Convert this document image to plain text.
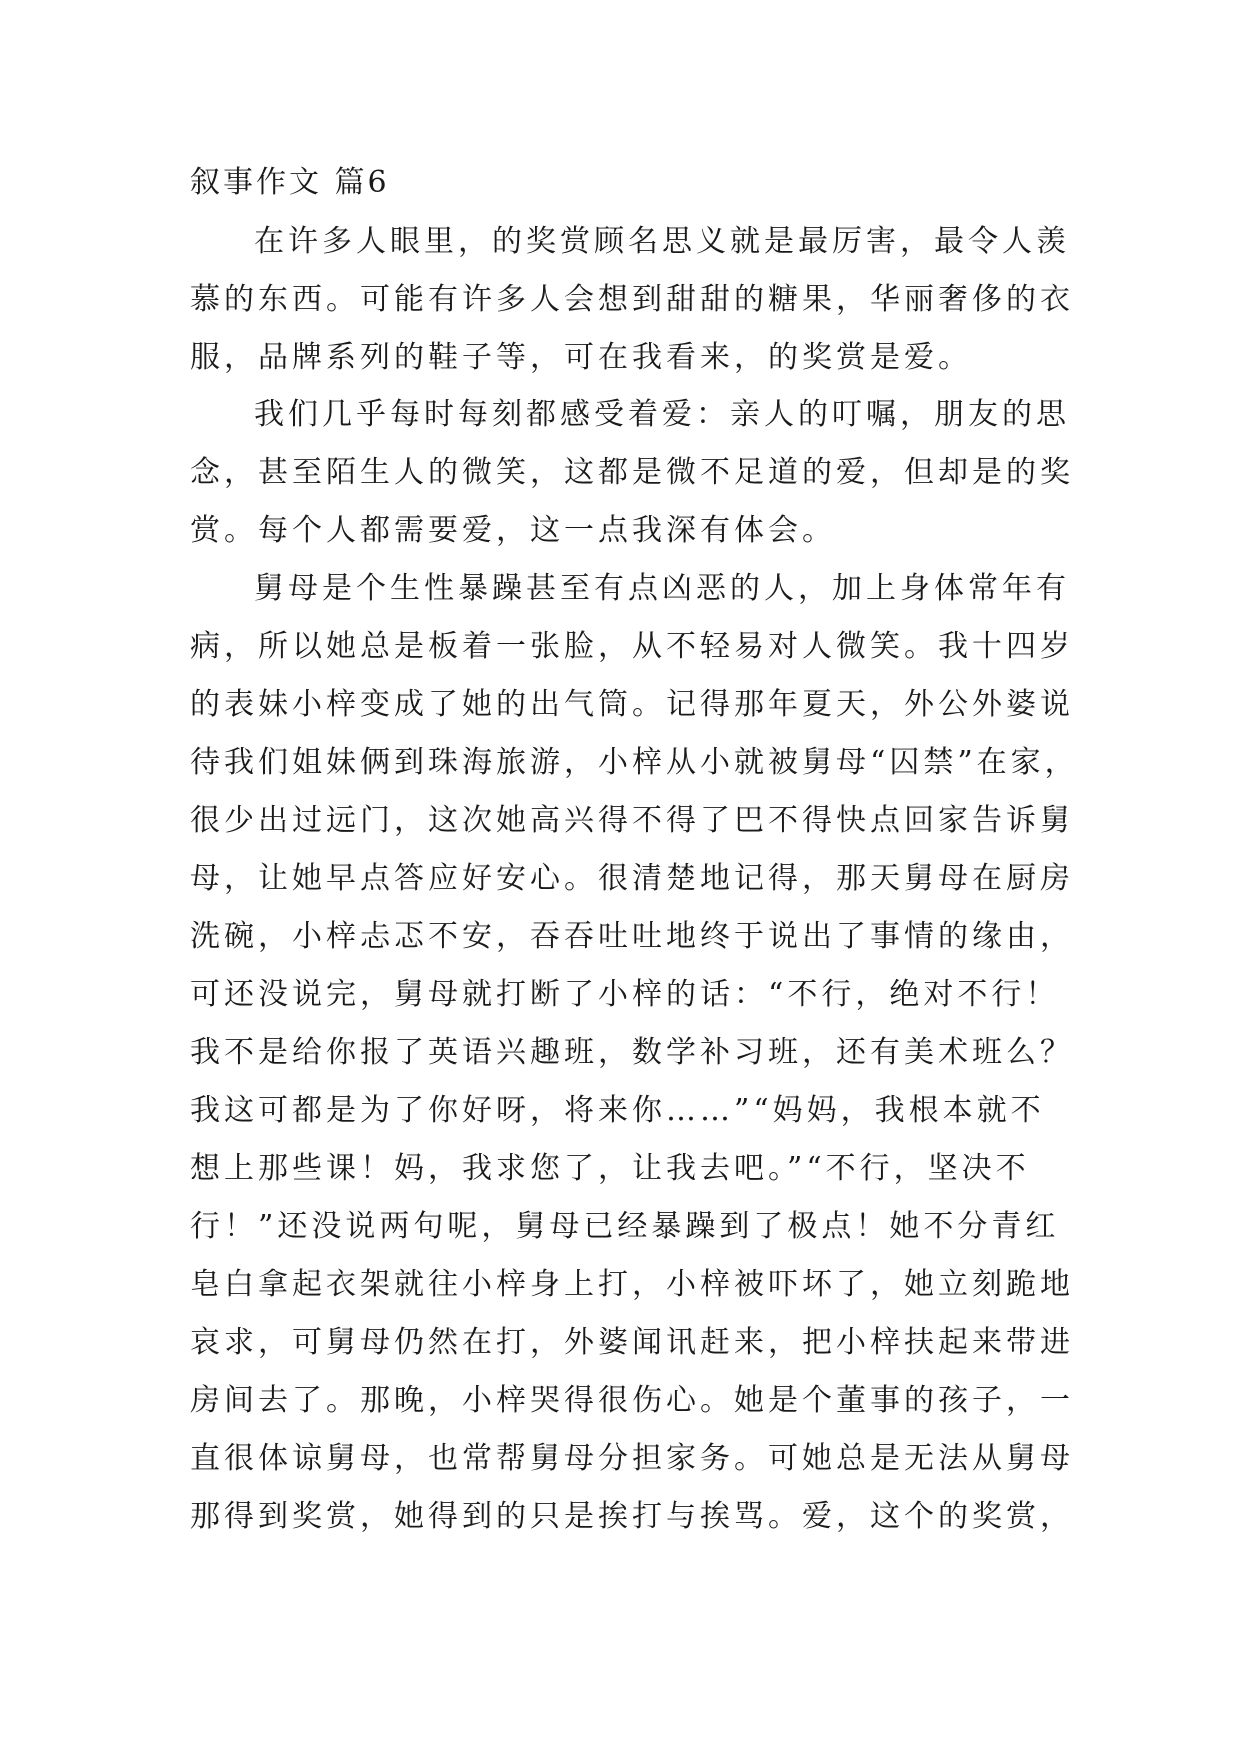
叙事作文 篇6
在许多人眼里，的奖赏顾名思义就是最厉害，最令人羡
慕的东西。可能有许多人会想到甜甜的糖果，华丽奢侈的衣
服，品牌系列的鞋子等，可在我看来，的奖赏是爱。
我们几乎每时每刻都感受着爱：亲人的叮嘱，朋友的思
念，甚至陌生人的微笑，这都是微不足道的爱，但却是的奖
赏。每个人都需要爱，这一点我深有体会。
舅母是个生性暴躁甚至有点凶恶的人，加上身体常年有
病，所以她总是板着一张脸，从不轻易对人微笑。我十四岁
的表妹小梓变成了她的出气筒。记得那年夏天，外公外婆说
待我们姐妹俩到珠海旅游，小梓从小就被舅母“囚禁”在家，
很少出过远门，这次她高兴得不得了巴不得快点回家告诉舅
母，让她早点答应好安心。很清楚地记得，那天舅母在厨房
洗碗，小梓忐忑不安，吞吞吐吐地终于说出了事情的缘由，
可还没说完，舅母就打断了小梓的话：“不行，绝对不行！
我不是给你报了英语兴趣班，数学补习班，还有美术班么？
我这可都是为了你好呀，将来你……”“妈妈，我根本就不
想上那些课！妈，我求您了，让我去吧。”“不行，坚决不
行！”还没说两句呢，舅母已经暴躁到了极点！她不分青红
皂白拿起衣架就往小梓身上打，小梓被吓坏了，她立刻跪地
哀求，可舅母仍然在打，外婆闻讯赶来，把小梓扶起来带进
房间去了。那晚，小梓哭得很伤心。她是个董事的孩子，一
直很体谅舅母，也常帮舅母分担家务。可她总是无法从舅母
那得到奖赏，她得到的只是挨打与挨骂。爱，这个的奖赏，
